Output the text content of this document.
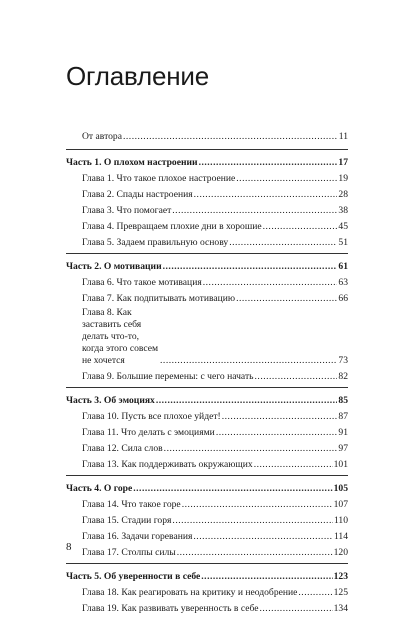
Оглавление
От автора .....	11
Часть 1. О плохом настроении .....	17
Глава 1. Что такое плохое настроение .....	19
Глава 2. Спады настроения .....	28
Глава 3. Что помогает .....	38
Глава 4. Превращаем плохие дни в хорошие .....	45
Глава 5. Задаем правильную основу .....	51
Часть 2. О мотивации .....	61
Глава 6. Что такое мотивация .....	63
Глава 7. Как подпитывать мотивацию .....	66
Глава 8. Как заставить себя делать что-то, когда этого совсем не хочется .....	73
Глава 9. Большие перемены: с чего начать .....	82
Часть 3. Об эмоциях .....	85
Глава 10. Пусть все плохое уйдет! .....	87
Глава 11. Что делать с эмоциями .....	91
Глава 12. Сила слов .....	97
Глава 13. Как поддерживать окружающих .....	101
Часть 4. О горе .....	105
Глава 14. Что такое горе .....	107
Глава 15. Стадии горя .....	110
Глава 16. Задачи горевания .....	114
Глава 17. Столпы силы .....	120
Часть 5. Об уверенности в себе .....	123
Глава 18. Как реагировать на критику и неодобрение .....	125
Глава 19. Как развивать уверенность в себе .....	134
8
